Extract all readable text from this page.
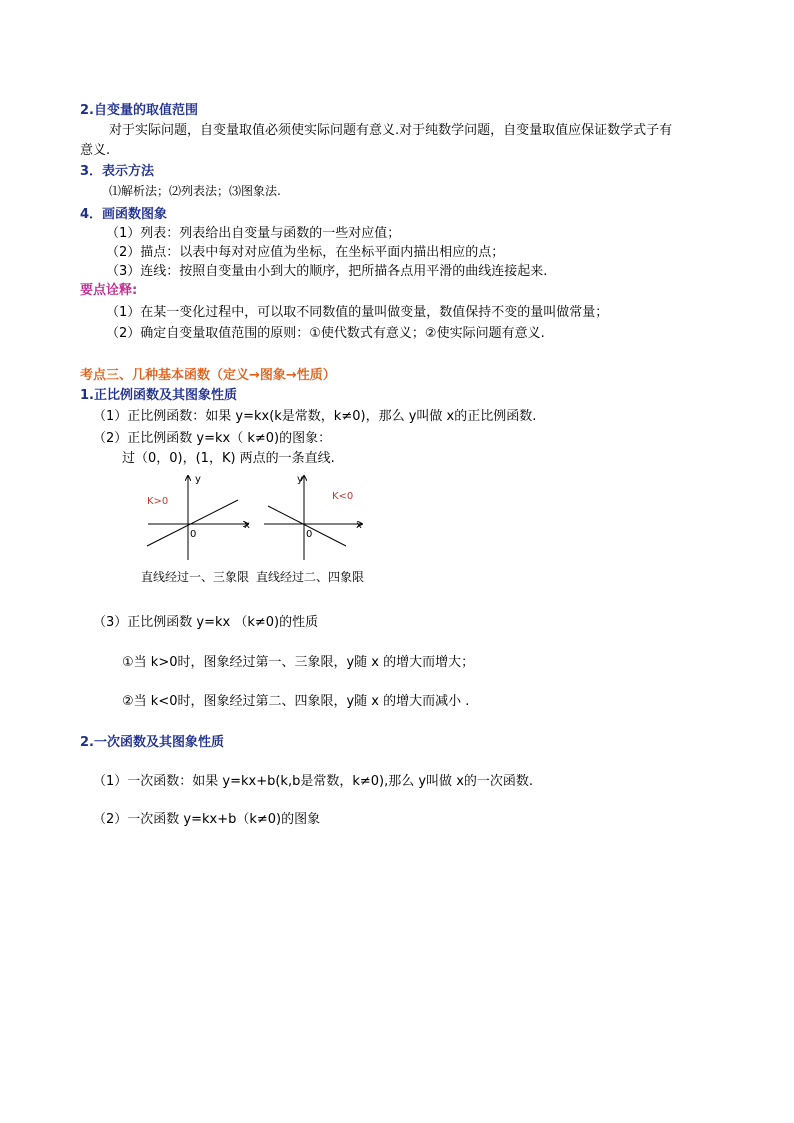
2.自变量的取值范围
对于实际问题，自变量取值必须使实际问题有意义.对于纯数学问题，自变量取值应保证数学式子有
意义.
3．表示方法
⑴解析法；⑵列表法；⑶图象法.
4．画函数图象
（1）列表：列表给出自变量与函数的一些对应值；
（2）描点：以表中每对对应值为坐标，在坐标平面内描出相应的点；
（3）连线：按照自变量由小到大的顺序，把所描各点用平滑的曲线连接起来.
要点诠释:
（1）在某一变化过程中，可以取不同数值的量叫做变量，数值保持不变的量叫做常量；
（2）确定自变量取值范围的原则：①使代数式有意义；②使实际问题有意义.
考点三、几种基本函数（定义→图象→性质）
1.正比例函数及其图象性质
（1）正比例函数：如果 y=kx(k是常数，k≠0)，那么 y叫做 x的正比例函数.
（2）正比例函数 y=kx（ k≠0)的图象：
过（0，0)，(1，K) 两点的一条直线.
y
x
0
K>0
y
x
0
K<0
直线经过一、三象限 直线经过二、四象限
（3）正比例函数 y=kx （k≠0)的性质
①当 k>0时，图象经过第一、三象限，y随 x 的增大而增大；
②当 k<0时，图象经过第二、四象限，y随 x 的增大而减小 .
2.一次函数及其图象性质
（1）一次函数：如果 y=kx+b(k,b是常数，k≠0),那么 y叫做 x的一次函数.
（2）一次函数 y=kx+b（k≠0)的图象
